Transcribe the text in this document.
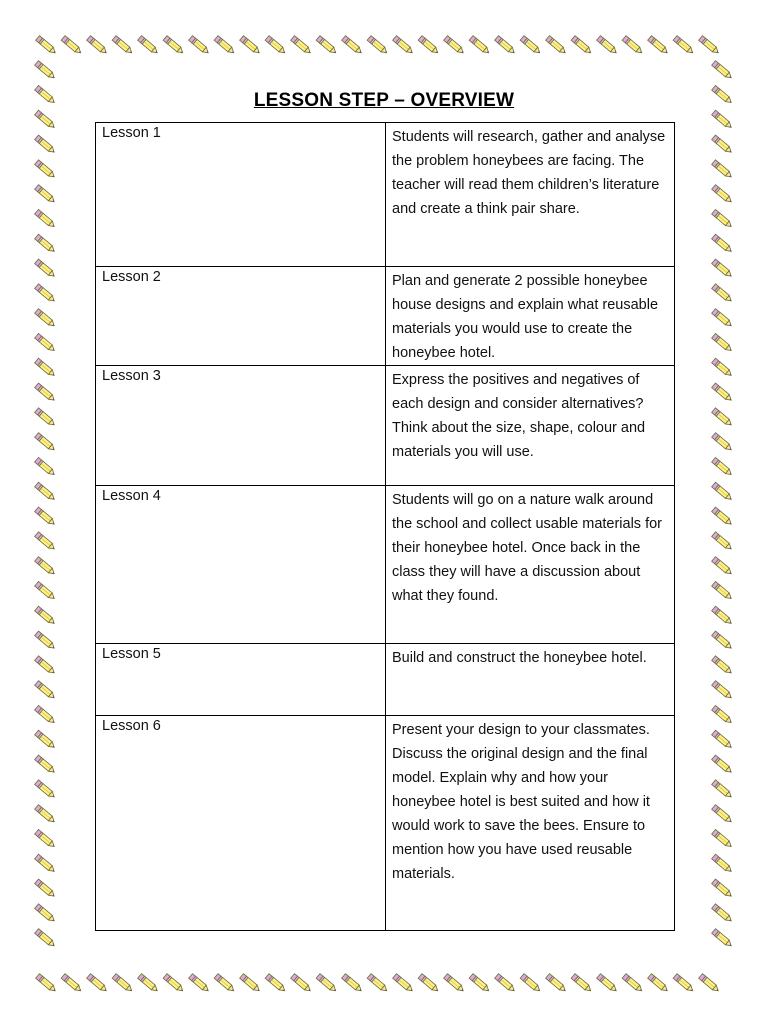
LESSON STEP – OVERVIEW
Lesson 1	Students will research, gather and analyse the problem honeybees are facing. The teacher will read them children’s literature and create a think pair share.
Lesson 2	Plan and generate 2 possible honeybee house designs and explain what reusable materials you would use to create the honeybee hotel.
Lesson 3	Express the positives and negatives of each design and consider alternatives? Think about the size, shape, colour and materials you will use.
Lesson 4	Students will go on a nature walk around the school and collect usable materials for their honeybee hotel. Once back in the class they will have a discussion about what they found.
Lesson 5	Build and construct the honeybee hotel.
Lesson 6	Present your design to your classmates. Discuss the original design and the final model. Explain why and how your honeybee hotel is best suited and how it would work to save the bees. Ensure to mention how you have used reusable materials.
